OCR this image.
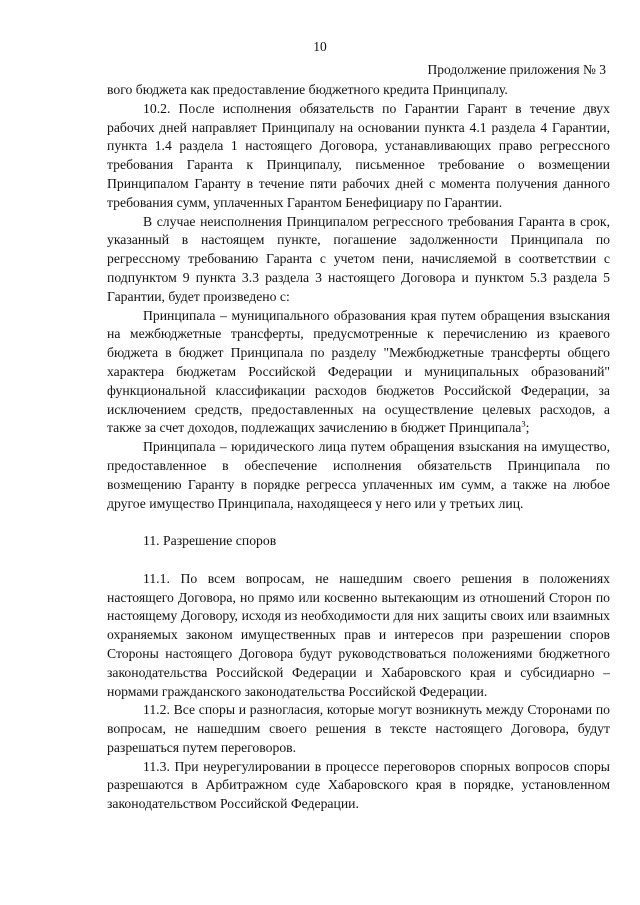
10
Продолжение приложения № 3

вого бюджета как предоставление бюджетного кредита Принципалу.

10.2. После исполнения обязательств по Гарантии Гарант в течение двух рабочих дней направляет Принципалу на основании пункта 4.1 раздела 4 Гарантии, пункта 1.4 раздела 1 настоящего Договора, устанавливающих право регрессного требования Гаранта к Принципалу, письменное требование о возмещении Принципалом Гаранту в течение пяти рабочих дней с момента получения данного требования сумм, уплаченных Гарантом Бенефициару по Гарантии.

В случае неисполнения Принципалом регрессного требования Гаранта в срок, указанный в настоящем пункте, погашение задолженности Принципала по регрессному требованию Гаранта с учетом пени, начисляемой в соответствии с подпунктом 9 пункта 3.3 раздела 3 настоящего Договора и пунктом 5.3 раздела 5 Гарантии, будет произведено с:

Принципала – муниципального образования края путем обращения взыскания на межбюджетные трансферты, предусмотренные к перечислению из краевого бюджета в бюджет Принципала по разделу "Межбюджетные трансферты общего характера бюджетам Российской Федерации и муниципальных образований" функциональной классификации расходов бюджетов Российской Федерации, за исключением средств, предоставленных на осуществление целевых расходов, а также за счет доходов, подлежащих зачислению в бюджет Принципала$^3$;

Принципала – юридического лица путем обращения взыскания на имущество, предоставленное в обеспечение исполнения обязательств Принципала по возмещению Гаранту в порядке регресса уплаченных им сумм, а также на любое другое имущество Принципала, находящееся у него или у третьих лиц.

11. Разрешение споров

11.1. По всем вопросам, не нашедшим своего решения в положениях настоящего Договора, но прямо или косвенно вытекающим из отношений Сторон по настоящему Договору, исходя из необходимости для них защиты своих или взаимных охраняемых законом имущественных прав и интересов при разрешении споров Стороны настоящего Договора будут руководствоваться положениями бюджетного законодательства Российской Федерации и Хабаровского края и субсидиарно – нормами гражданского законодательства Российской Федерации.

11.2. Все споры и разногласия, которые могут возникнуть между Сторонами по вопросам, не нашедшим своего решения в тексте настоящего Договора, будут разрешаться путем переговоров.

11.3. При неурегулировании в процессе переговоров спорных вопросов споры разрешаются в Арбитражном суде Хабаровского края в порядке, установленном законодательством Российской Федерации.
